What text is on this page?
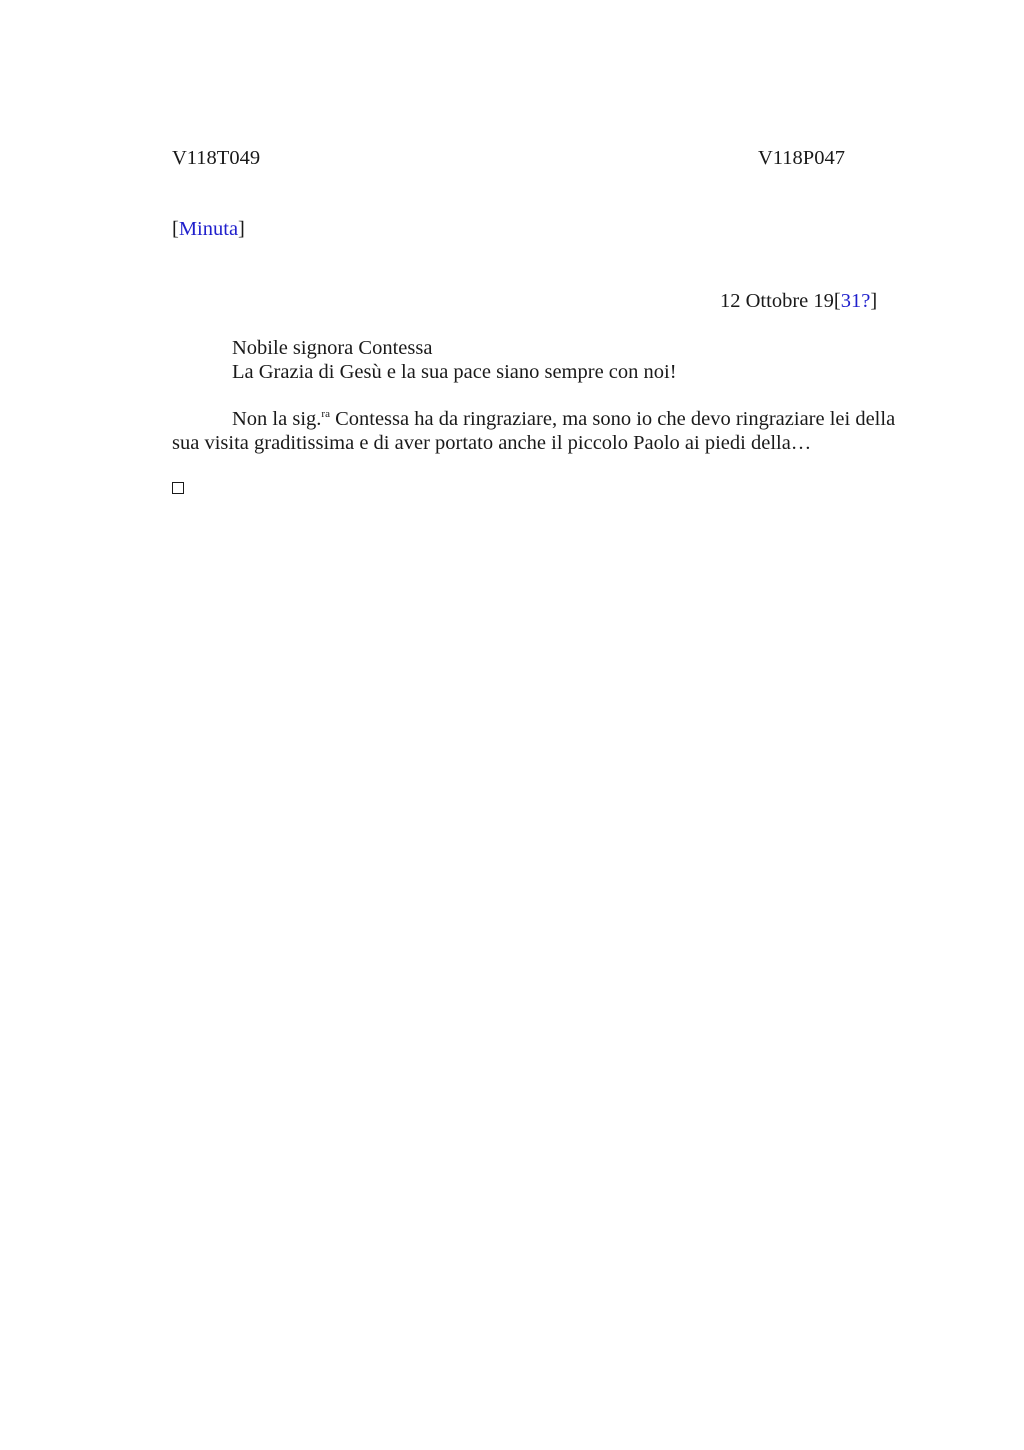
V118T049	V118P047
[Minuta]
12 Ottobre 19[31?]
Nobile signora Contessa
La Grazia di Gesù e la sua pace siano sempre con noi!
Non la sig.$^{ra}$ Contessa ha da ringraziare, ma sono io che devo ringraziare lei della sua visita graditissima e di aver portato anche il piccolo Paolo ai piedi della…
